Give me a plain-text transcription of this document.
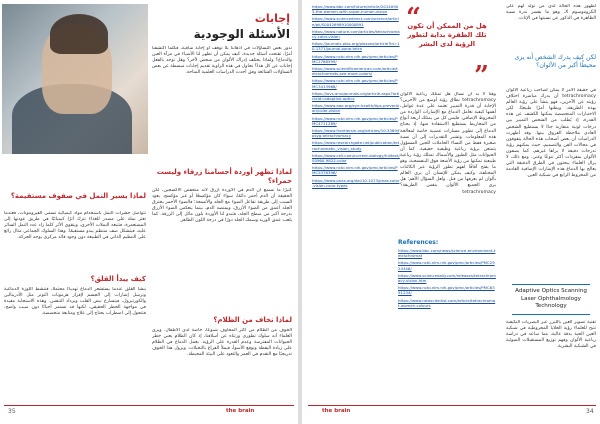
إجابات
الأسئلة الوجودية
تدور بعض التساؤلات في أذهاننا بلا توقف أو إجابة شافية، فكلما اكتشفنا أمرًا، تفتحت أسئلة جديدة، كيف يمكن أن تظهر لنا الأشياء في مرآة العين والدماغ؟ ولماذا يختلف إدراك الألوان من شخص لآخر؟ وهل توجد بالفعل إجابات عن كل هذا؟ نحاول في هذه الزاوية تقديم إجابات مبسطة عن بعض التساؤلات الشائعة وفق أحدث الدراسات العلمية المتاحة.
لماذا تظهر أوردة أجسامنا زرقاء وليست حمراء؟
كثيرًا ما نسمع أن الدم في الأوردة أزرق لأنه منخفض الأكسجين، لكن الحقيقة أن الدم أحمر دائمًا، سواء كان مؤكسجًا أو غير مؤكسج. يعود السبب إلى طريقة تفاعل الضوء مع الجلد والأنسجة؛ فالضوء الأحمر يخترق الجلد أعمق من الضوء الأزرق، ويمتصه الدم، بينما ينعكس الضوء الأزرق بدرجة أكبر من سطح الجلد، فتبدو لنا الأوردة بلون مائل إلى الزرقة. كما يلعب عمق الوريد وسمك الجلد دورًا في درجة اللون الظاهر.
لماذا نخاف من الظلام؟
الخوف من الظلام من أكثر المخاوف شيوعًا، خاصة لدى الأطفال. ويرى العلماء أنه سلوك تطوري ورثناه عن أسلافنا، إذ كان الظلام يعني خطر الحيوانات المفترسة وعدم القدرة على الرؤية. يعمل الدماغ في الظلام على زيادة اليقظة وتوقع الأسوأ، فيملأ الفراغ بالتخيلات. ويزول هذا الخوف تدريجيًا مع التقدم في العمر والتعود على البيئة المحيطة.
لماذا يسير النمل في صفوف مستقيمة؟
تتواصل حشرات النمل باستخدام مواد كيميائية تسمى الفيرومونات، فعندما تعثر نملة على مصدر للغذاء تترك أثرًا كيميائيًا في طريق عودتها إلى المستعمرة، فتتبعه النملات الأخرى، ويتقوى الأثر كلما زاد عدد النمل السائر عليه، فيتشكل صف منتظم يبدو مستقيمًا. وهذا السلوك الجماعي مثال رائع على التنظيم الذاتي في الطبيعة دون وجود قائد مركزي يوجه الحركة.
كيف يبدأ القلق؟
ينشأ القلق عندما يستشعر الدماغ تهديدًا محتملًا، فتنشط اللوزة الدماغية وترسل إشارات إلى الجسم لإفراز هرمونات التوتر مثل الأدرينالين والكورتيزول، فيتسارع نبض القلب ويزداد التنفس. وهذه الاستجابة مفيدة في مواجهة الخطر الحقيقي، لكنها قد تستمر أحيانًا دون سبب واضح، فتتحول إلى اضطراب يحتاج إلى علاج ومتابعة متخصصة.
35	the brain
https://www.bbc.com/future/article/20140905-the-women-with-super-human-vision
https://www.sciencedirect.com/science/article/pii/S0042698910000891
https://www.nature.com/articles/tetrachromacy-color-vision
https://journals.plos.org/plosone/article?id=10.1371/journal.pone.tetra
https://www.ncbi.nlm.nih.gov/pmc/articles/PMC2788599/
https://www.scientificamerican.com/article/tetrachromats-see-more-colors/
https://www.ncbi.nlm.nih.gov/pmc/articles/PMC3413968/
https://iovs.arvojournals.org/article.aspx?articleid=adaptive-optics
https://www.aao.org/eye-health/tips-prevention/color-vision
https://www.ncbi.nlm.nih.gov/pmc/articles/PMC4711289/
https://www.frontiersin.org/articles/10.3389/fpsyg.tetrachromacy
https://www.researchgate.net/publication/tetrachromatic_vision_study
https://www.cell.com/current-biology/fulltext/S0960-9822-color
https://www.ncbi.nlm.nih.gov/pmc/articles/PMC5378396/
https://www.pnas.org/doi/10.1073/pnas.color-vision-cone-types
“
هل من الممكن أن تكون تلك الطفرة بداية لتطور الرؤية لدى البشر
”
وهنا لا بد أن نسأل هل تمتلك رباعية الألوان tetrachromacy نطاق رؤية أوسع من الآخرين؟ الإجابة أن قدرة التمييز تعتمد على عدة عوامل، أهمها كيفية تعامل الدماغ مع الإشارات الواردة من المخروط الإضافي. فليس كل من يمتلك أربعة أنواع من المخاريط يستطيع الاستفادة منها، إذ يحتاج الدماغ إلى تطوير مسارات عصبية خاصة لمعالجة هذه المعلومات. وتشير التقديرات إلى أن نسبة صغيرة فقط من النساء الحاملات للجين المسؤول يتمتعن برؤية رباعية وظيفية حقيقية. كما أن الحيوانات مثل الطيور والأسماك تمتلك رؤية رباعية طبيعية تمكنها من رؤية الأشعة فوق البنفسجية، وهو ما يفتح آفاقًا لفهم تطور الرؤية عبر الكائنات المختلفة، وكيف يمكن للإنسان أن يرى العالم بألوان لم يعرفها من قبل. ولعل السؤال الأهم: هل يرى الجميع الألوان بنفس الطريقة؟ tetrachromacy
References:
https://www.bbc.com/news/science-environment-tetrachromat
https://www.ncbi.nlm.nih.gov/pmc/articles/PMC2924346/
https://www.sciencedaily.com/releases/tetrachromacy-vision.htm
https://www.ncbi.nlm.nih.gov/pmc/articles/PMC6391234/
https://www.newscientist.com/article/tetrachromat-women-colours
لظهور هذه الحالة لدى من تولد لهم على الكروموسوم X، وهو ما يفسر ندرة نسبة الظاهرة في الذكور عن نسبتها في الإناث.
لكن كيف يدرك الشخص أنه يرى محيطًا أكبر من الألوان؟
في حقيقة الأمر لا يمكن لصاحب رباعية الألوان tetrachromacy أن يدرك مباشرة اختلاف رؤيته عن الآخرين، فهو ينشأ على رؤية العالم بهذه الطريقة، ويظنها أمرًا طبيعيًا. لكن الاختبارات المتخصصة يمكنها الكشف عن هذه القدرة، إذ يُطلب من الشخص التمييز بين درجات لونية متقاربة جدًا لا يستطيع الشخص العادي ملاحظة الفروق بينها. وقد أظهرت الدراسات أن بعض أصحاب هذه الحالة يتفوقون في مجالات الفن والتصميم، حيث يمكنهم رؤية تدرجات دقيقة لا يراها غيرهم، كما يصفون الألوان بمفردات أكثر تنوعًا وغنى. ومع ذلك، لا يزال العلماء يبحثون في الطرق الدقيقة التي يعالج بها الدماغ هذه الإشارات الإضافية القادمة من المخروط الرابع في شبكية العين.
Adaptive Optics Scanning Laser Ophthalmology Technology
تقنية تصوير العين بالليزر عبر البصريات التكيفية تتيح للعلماء رؤية الخلايا المخروطية في شبكية العين الحية بدقة عالية، مما ساعد في دراسة رباعية الألوان وفهم توزيع المستقبلات الضوئية في الشبكية البشرية.
the brain	34
